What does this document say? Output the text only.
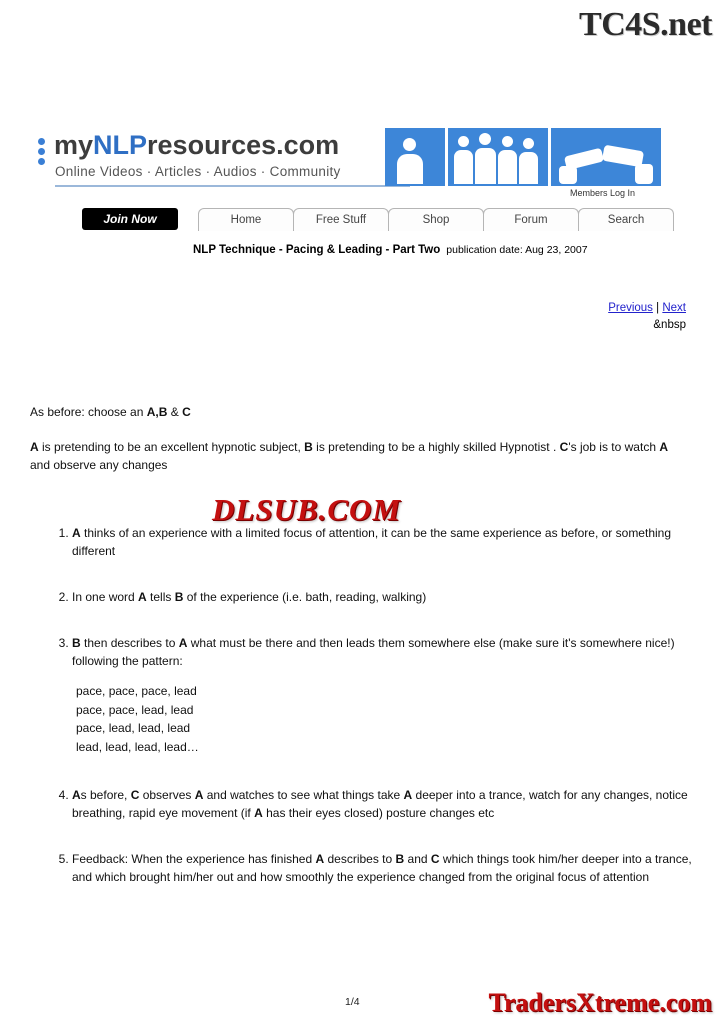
TC4S.net
myNLPresources.com
Online Videos · Articles · Audios · Community
Members Log In
Join Now	Home	Free Stuff	Shop	Forum	Search
NLP Technique - Pacing & Leading - Part Two publication date: Aug 23, 2007
Previous | Next
&nbsp

As before: choose an A,B & C

A is pretending to be an excellent hypnotic subject, B is pretending to be a highly skilled Hypnotist . C's job is to watch A and observe any changes

DLSUB.COM
1. A thinks of an experience with a limited focus of attention, it can be the same experience as before, or something different
2. In one word A tells B of the experience (i.e. bath, reading, walking)
3. B then describes to A what must be there and then leads them somewhere else (make sure it's somewhere nice!) following the pattern:
pace, pace, pace, lead
pace, pace, lead, lead
pace, lead, lead, lead
lead, lead, lead, lead…
4. As before, C observes A and watches to see what things take A deeper into a trance, watch for any changes, notice breathing, rapid eye movement (if A has their eyes closed) posture changes etc
5. Feedback: When the experience has finished A describes to B and C which things took him/her deeper into a trance, and which brought him/her out and how smoothly the experience changed from the original focus of attention
1/4	TradersXtreme.com
